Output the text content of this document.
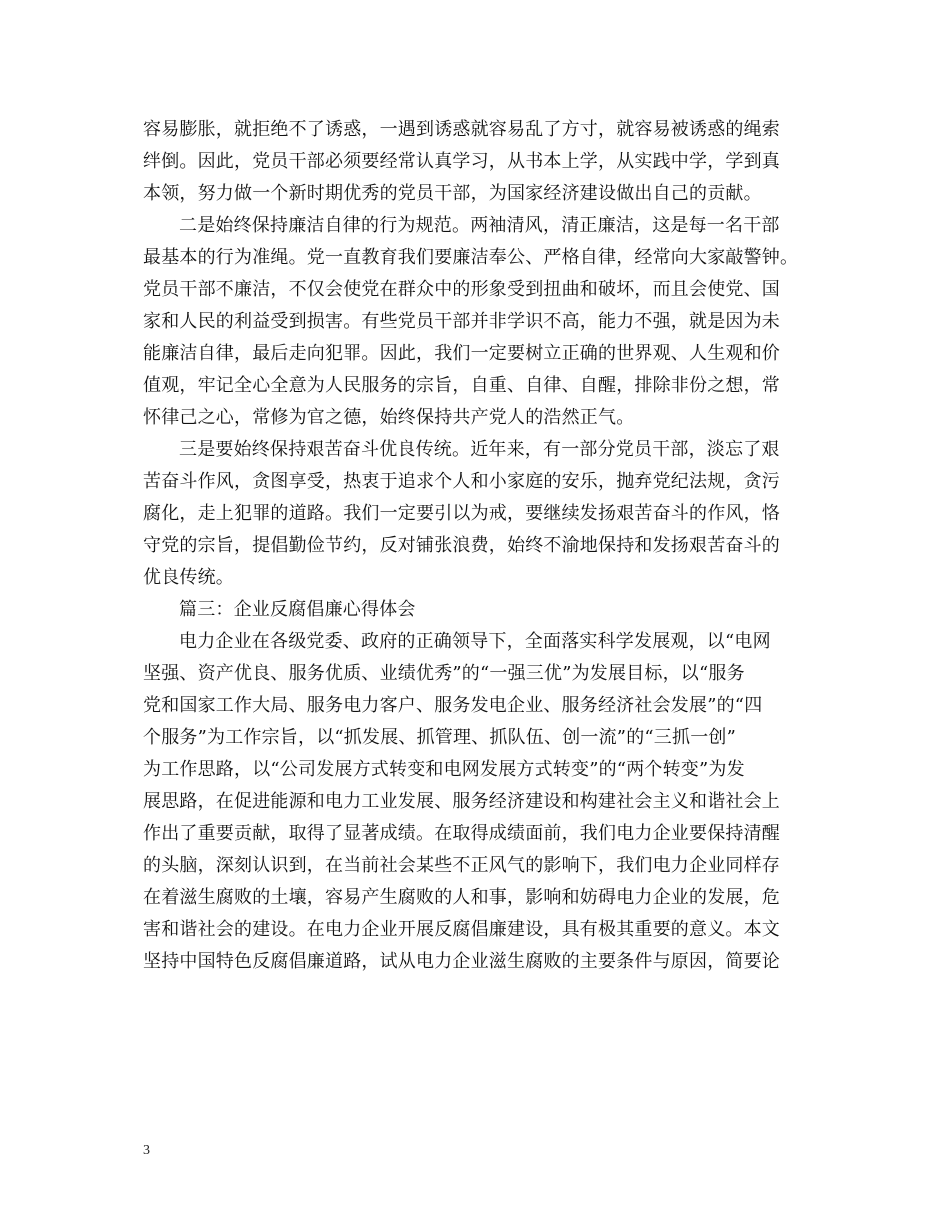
容易膨胀，就拒绝不了诱惑，一遇到诱惑就容易乱了方寸，就容易被诱惑的绳索
绊倒。因此，党员干部必须要经常认真学习，从书本上学，从实践中学，学到真
本领，努力做一个新时期优秀的党员干部，为国家经济建设做出自己的贡献。
二是始终保持廉洁自律的行为规范。两袖清风，清正廉洁，这是每一名干部
最基本的行为准绳。党一直教育我们要廉洁奉公、严格自律，经常向大家敲警钟。
党员干部不廉洁，不仅会使党在群众中的形象受到扭曲和破坏，而且会使党、国
家和人民的利益受到损害。有些党员干部并非学识不高，能力不强，就是因为未
能廉洁自律，最后走向犯罪。因此，我们一定要树立正确的世界观、人生观和价
值观，牢记全心全意为人民服务的宗旨，自重、自律、自醒，排除非份之想，常
怀律己之心，常修为官之德，始终保持共产党人的浩然正气。
三是要始终保持艰苦奋斗优良传统。近年来，有一部分党员干部，淡忘了艰
苦奋斗作风，贪图享受，热衷于追求个人和小家庭的安乐，抛弃党纪法规，贪污
腐化，走上犯罪的道路。我们一定要引以为戒，要继续发扬艰苦奋斗的作风，恪
守党的宗旨，提倡勤俭节约，反对铺张浪费，始终不渝地保持和发扬艰苦奋斗的
优良传统。
篇三：企业反腐倡廉心得体会
电力企业在各级党委、政府的正确领导下，全面落实科学发展观，以“电网
坚强、资产优良、服务优质、业绩优秀”的“一强三优”为发展目标，以“服务
党和国家工作大局、服务电力客户、服务发电企业、服务经济社会发展”的“四
个服务”为工作宗旨，以“抓发展、抓管理、抓队伍、创一流”的“三抓一创”
为工作思路，以“公司发展方式转变和电网发展方式转变”的“两个转变”为发
展思路，在促进能源和电力工业发展、服务经济建设和构建社会主义和谐社会上
作出了重要贡献，取得了显著成绩。在取得成绩面前，我们电力企业要保持清醒
的头脑，深刻认识到，在当前社会某些不正风气的影响下，我们电力企业同样存
在着滋生腐败的土壤，容易产生腐败的人和事，影响和妨碍电力企业的发展，危
害和谐社会的建设。在电力企业开展反腐倡廉建设，具有极其重要的意义。本文
坚持中国特色反腐倡廉道路，试从电力企业滋生腐败的主要条件与原因，简要论
3
